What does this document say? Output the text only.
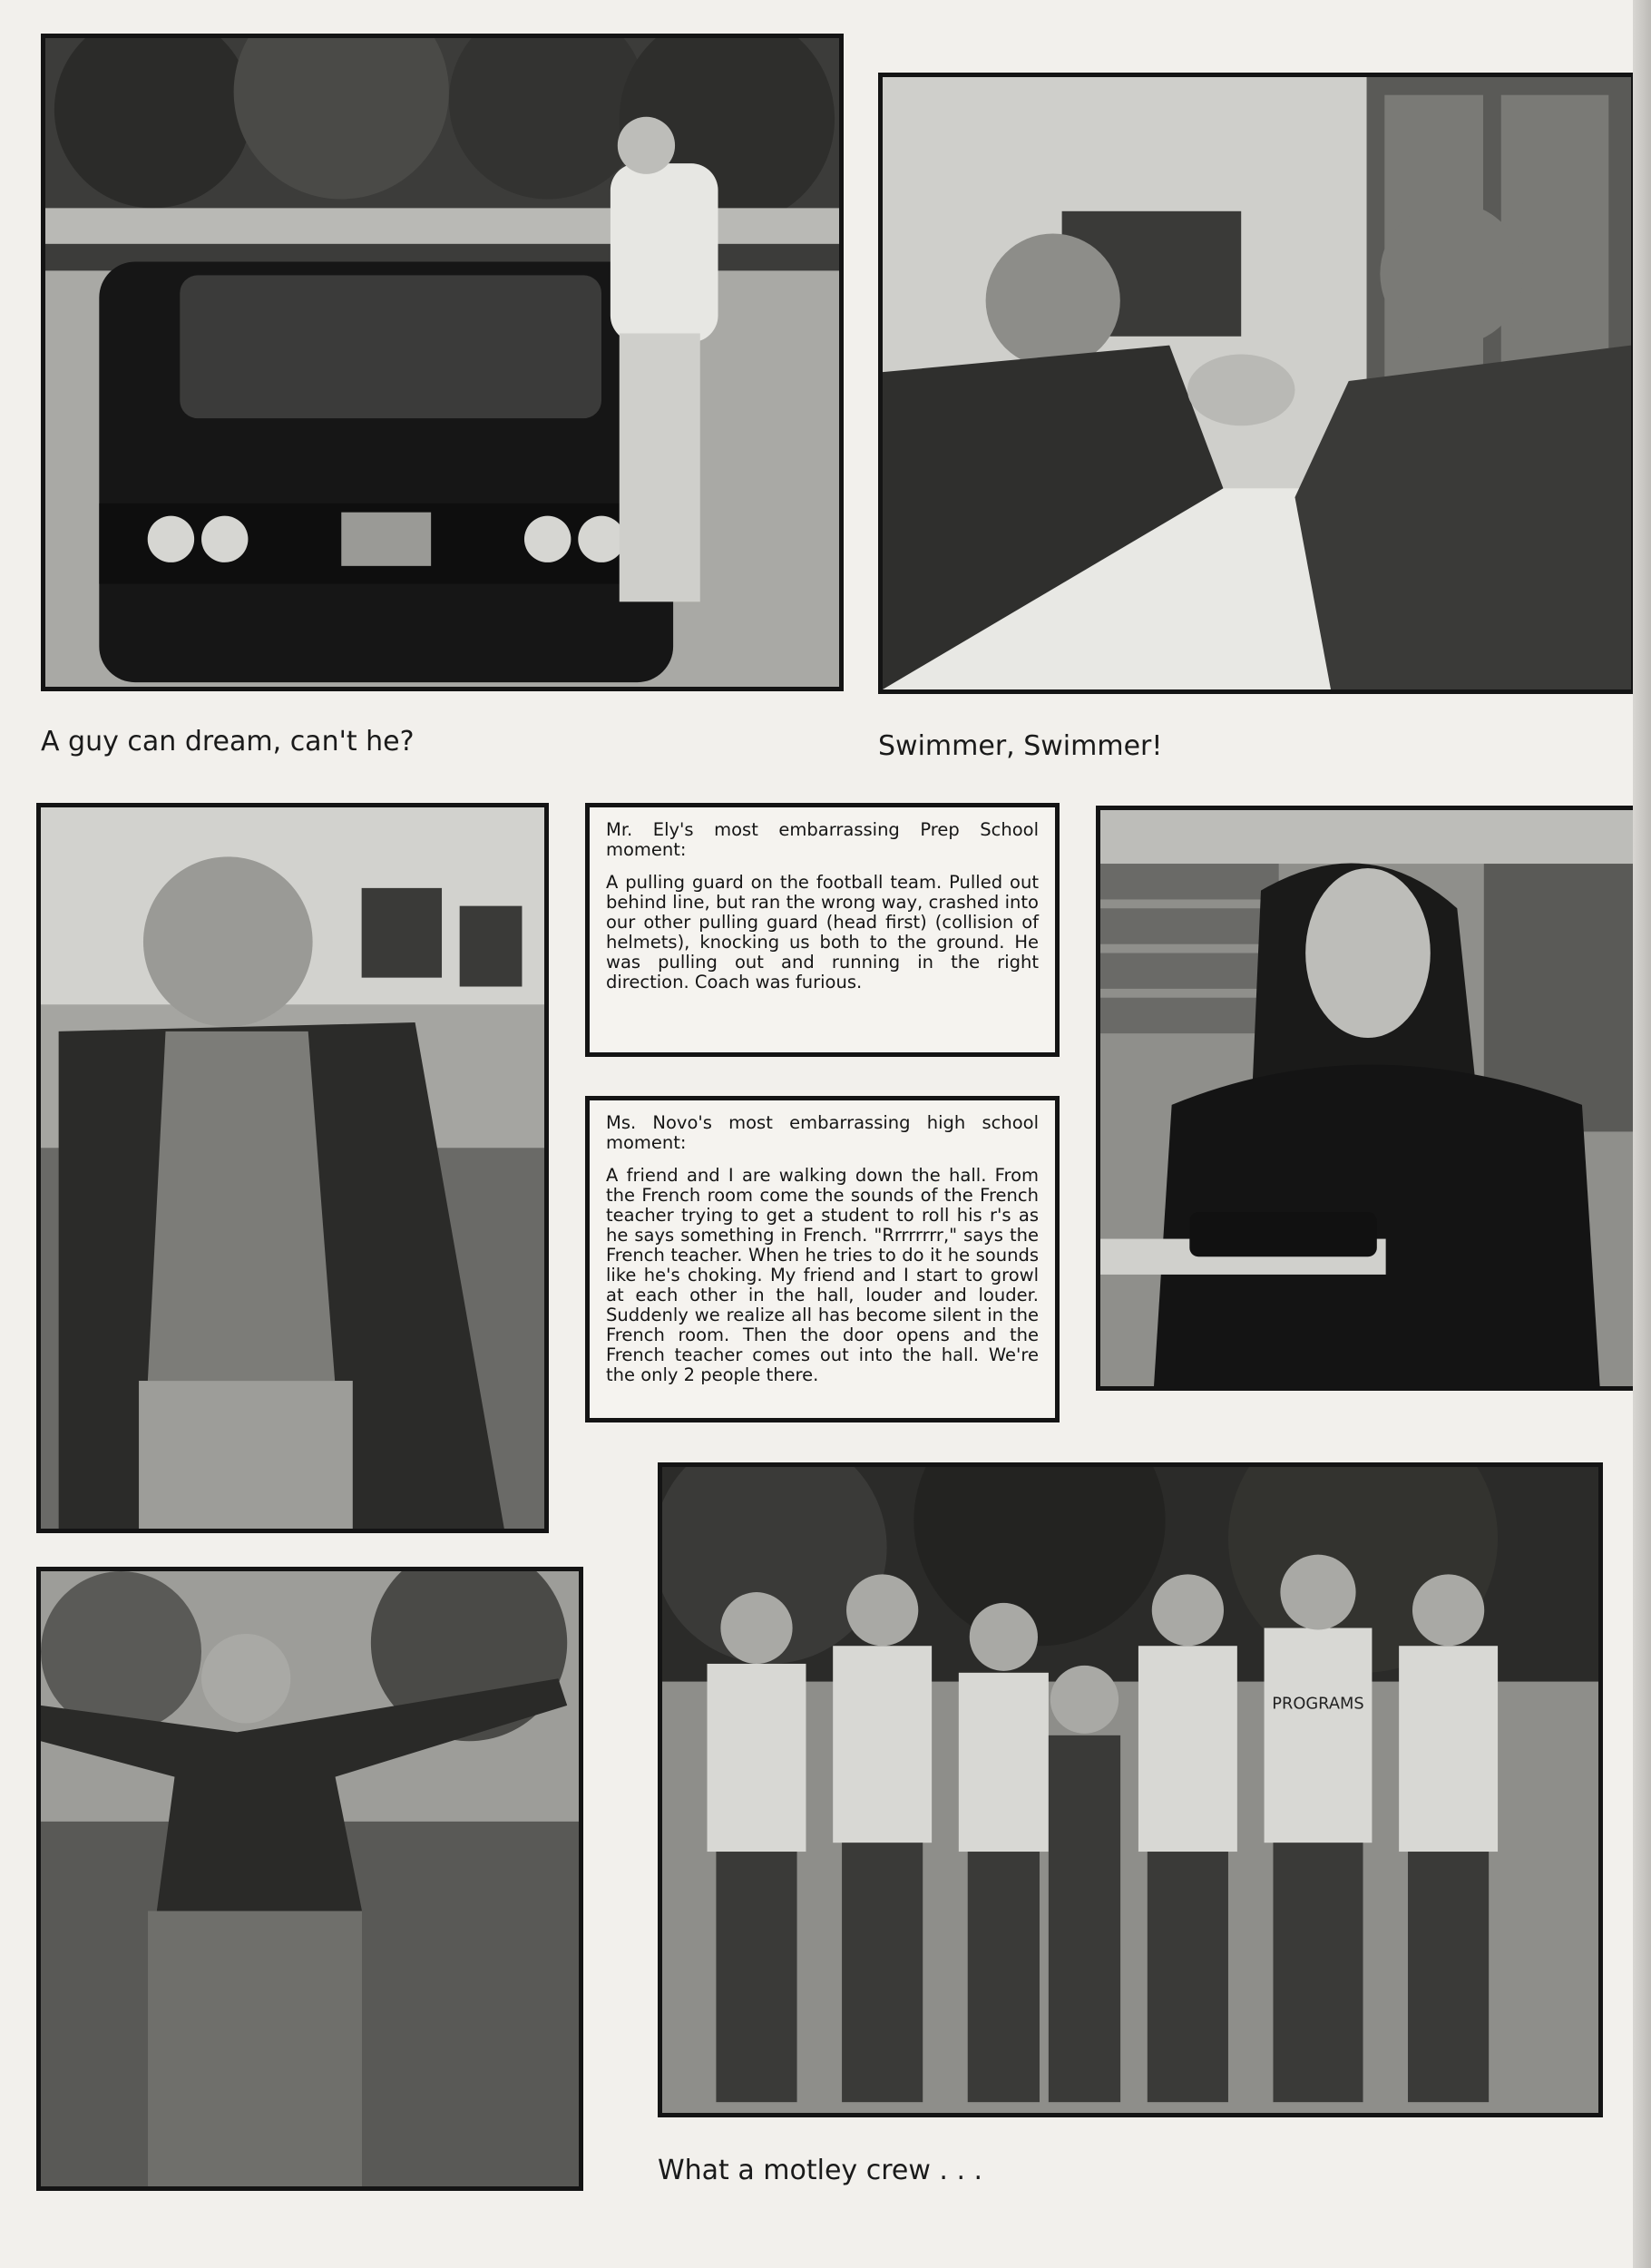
A guy can dream, can't he?	Swimmer, Swimmer!

Mr. Ely's most embarrassing Prep School moment:

A pulling guard on the football team. Pulled out behind line, but ran the wrong way, crashed into our other pulling guard (head first) (collision of helmets), knocking us both to the ground. He was pulling out and running in the right direction. Coach was furious.

Ms. Novo's most embarrassing high school moment:

A friend and I are walking down the hall. From the French room come the sounds of the French teacher trying to get a student to roll his r's as he says something in French. "Rrrrrrrr," says the French teacher. When he tries to do it he sounds like he's choking. My friend and I start to growl at each other in the hall, louder and louder. Suddenly we realize all has become silent in the French room. Then the door opens and the French teacher comes out into the hall. We're the only 2 people there.

PROGRAMS
What a motley crew . . .
